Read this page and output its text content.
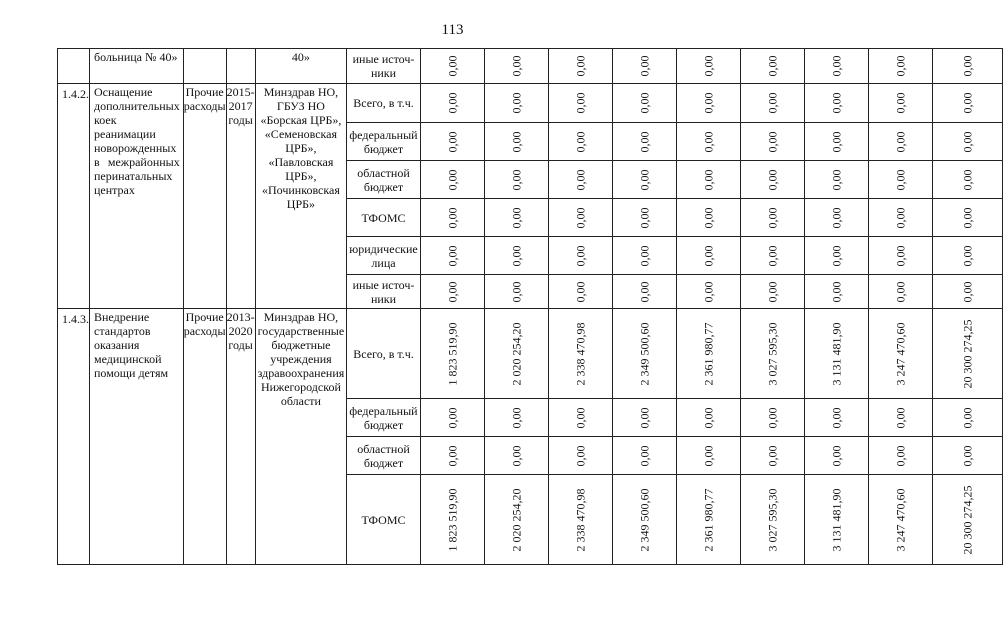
113
	больница № 40»			40»	иные источ-
ники	0,00	0,00	0,00	0,00	0,00	0,00	0,00	0,00	0,00
1.4.2.	Оснащение дополнительных коек реанимации новорожденных в межрайонных перинатальных центрах	Прочие расходы	2015-
2017
годы	Минздрав НО, ГБУЗ НО «Борская ЦРБ», «Семеновская ЦРБ», «Павловская ЦРБ», «Починковская ЦРБ»	Всего, в т.ч.	0,00	0,00	0,00	0,00	0,00	0,00	0,00	0,00	0,00
					федеральный
бюджет	0,00	0,00	0,00	0,00	0,00	0,00	0,00	0,00	0,00
					областной
бюджет	0,00	0,00	0,00	0,00	0,00	0,00	0,00	0,00	0,00
					ТФОМС	0,00	0,00	0,00	0,00	0,00	0,00	0,00	0,00	0,00
					юридические
лица	0,00	0,00	0,00	0,00	0,00	0,00	0,00	0,00	0,00
					иные источ-
ники	0,00	0,00	0,00	0,00	0,00	0,00	0,00	0,00	0,00
1.4.3.	Внедрение стандартов оказания медицинской помощи детям	Прочие расходы	2013-
2020
годы	Минздрав НО, государственные бюджетные учреждения здравоохранения Нижегородской области	Всего, в т.ч.	1 823 519,90	2 020 254,20	2 338 470,98	2 349 500,60	2 361 980,77	3 027 595,30	3 131 481,90	3 247 470,60	20 300 274,25
					федеральный
бюджет	0,00	0,00	0,00	0,00	0,00	0,00	0,00	0,00	0,00
					областной
бюджет	0,00	0,00	0,00	0,00	0,00	0,00	0,00	0,00	0,00
					ТФОМС	1 823 519,90	2 020 254,20	2 338 470,98	2 349 500,60	2 361 980,77	3 027 595,30	3 131 481,90	3 247 470,60	20 300 274,25
